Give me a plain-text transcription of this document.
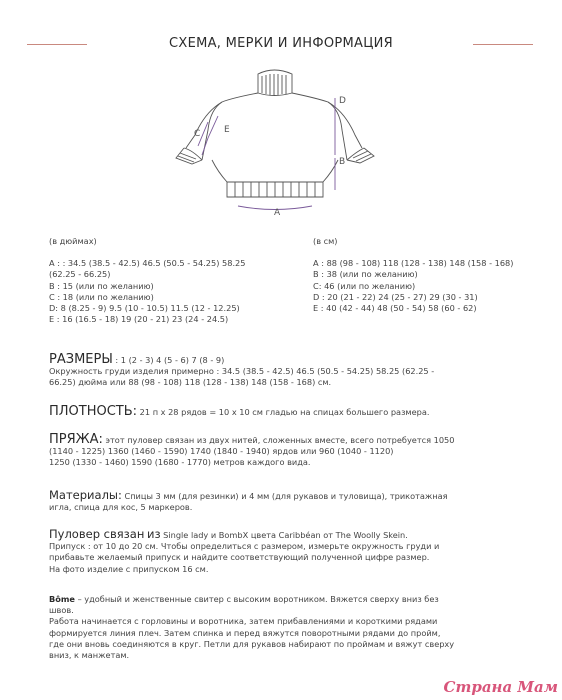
СХЕМА, МЕРКИ И ИНФОРМАЦИЯ
A
B
C
D
E
(в дюймах)
A : : 34.5 (38.5 - 42.5) 46.5 (50.5 - 54.25) 58.25
(62.25 - 66.25)
B : 15 (или по желанию)
C : 18 (или по желанию)
D: 8 (8.25 - 9) 9.5 (10 - 10.5) 11.5 (12 - 12.25)
E : 16 (16.5 - 18) 19 (20 - 21) 23 (24 - 24.5)
(в см)
A : 88 (98 - 108) 118 (128 - 138) 148 (158 - 168)
B : 38 (или по желанию)
C: 46 (или по желанию)
D : 20 (21 - 22) 24 (25 - 27) 29 (30 - 31)
E : 40 (42 - 44) 48 (50 - 54) 58 (60 - 62)
РАЗМЕРЫ : 1 (2 - 3) 4 (5 - 6) 7 (8 - 9)
Окружность груди изделия примерно : 34.5 (38.5 - 42.5) 46.5 (50.5 - 54.25) 58.25 (62.25 -
66.25) дюйма или 88 (98 - 108) 118 (128 - 138) 148 (158 - 168) см.
ПЛОТНОСТЬ: 21 п х 28 рядов = 10 х 10 см гладью на спицах большего размера.
ПРЯЖА: этот пуловер связан из двух нитей, сложенных вместе, всего потребуется 1050
(1140 - 1225) 1360 (1460 - 1590) 1740 (1840 - 1940) ярдов или 960 (1040 - 1120)
1250 (1330 - 1460) 1590 (1680 - 1770) метров каждого вида.
Материалы: Спицы 3 мм (для резинки) и 4 мм (для рукавов и туловища), трикотажная
игла, спица для кос, 5 маркеров.
Пуловер связан из Single lady и BombX цвета Caribbéan от The Woolly Skein.
Припуск : от 10 до 20 см. Чтобы определиться с размером, измерьте окружность груди и
прибавьте желаемый припуск и найдите соответствующий полученной цифре размер.
На фото изделие с припуском 16 см.
Bôme – удобный и женственные свитер с высоким воротником. Вяжется сверху вниз без
швов.
Работа начинается с горловины и воротника, затем прибавлениями и короткими рядами
формируется линия плеч. Затем спинка и перед вяжутся поворотными рядами до пройм,
где они вновь соединяются в круг. Петли для рукавов набирают по проймам и вяжут сверху
вниз, к манжетам.
Страна Мам
